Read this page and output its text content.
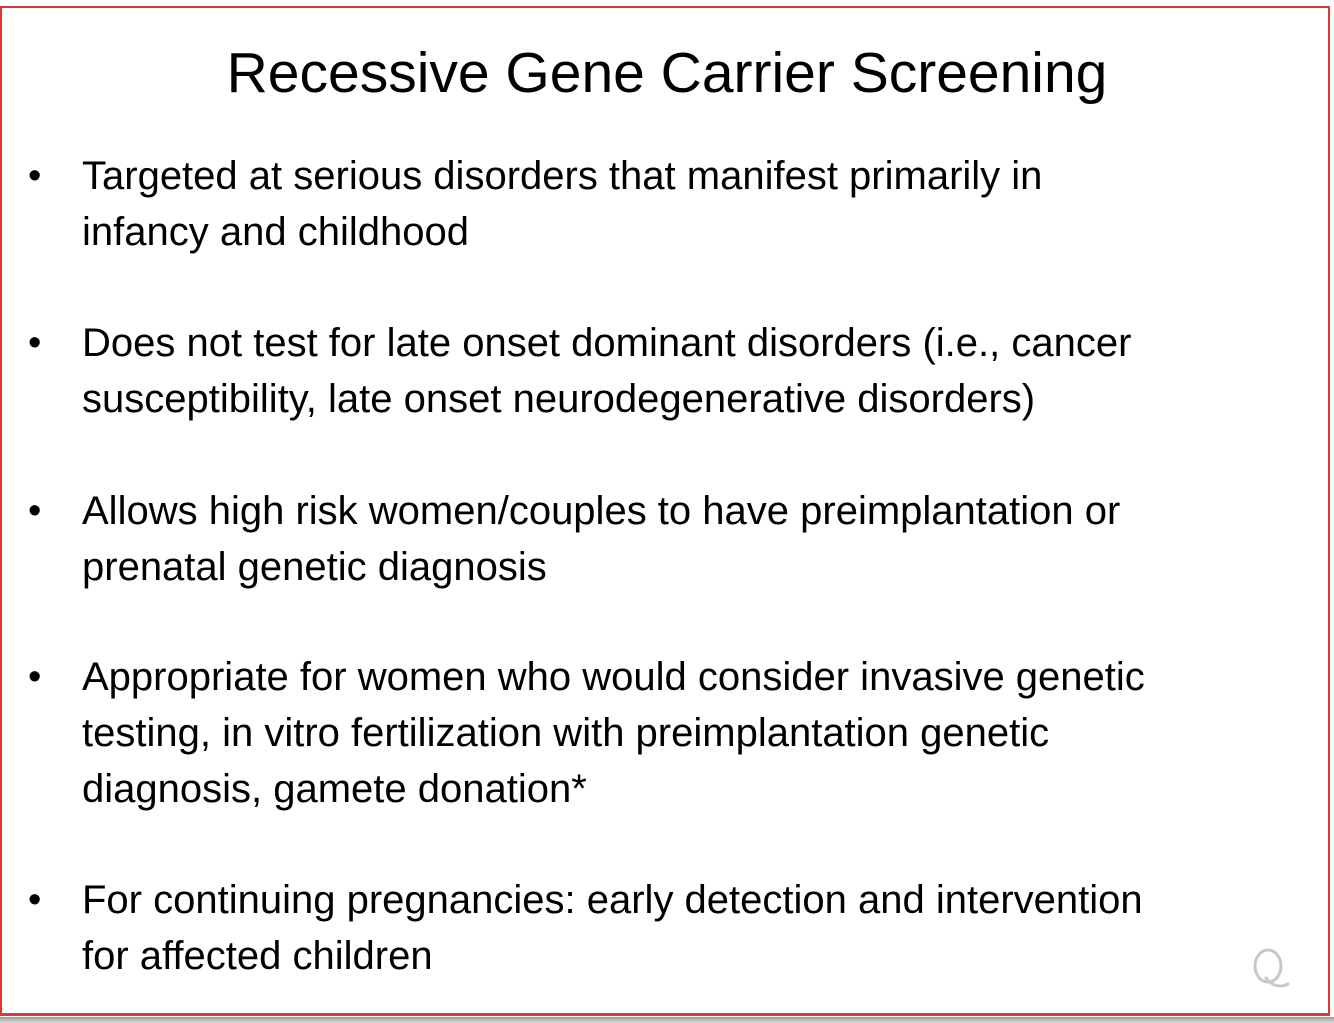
Recessive Gene Carrier Screening
• Targeted at serious disorders that manifest primarily in
infancy and childhood
• Does not test for late onset dominant disorders (i.e., cancer
susceptibility, late onset neurodegenerative disorders)
• Allows high risk women/couples to have preimplantation or
prenatal genetic diagnosis
• Appropriate for women who would consider invasive genetic
testing, in vitro fertilization with preimplantation genetic
diagnosis, gamete donation*
• For continuing pregnancies: early detection and intervention
for affected children
